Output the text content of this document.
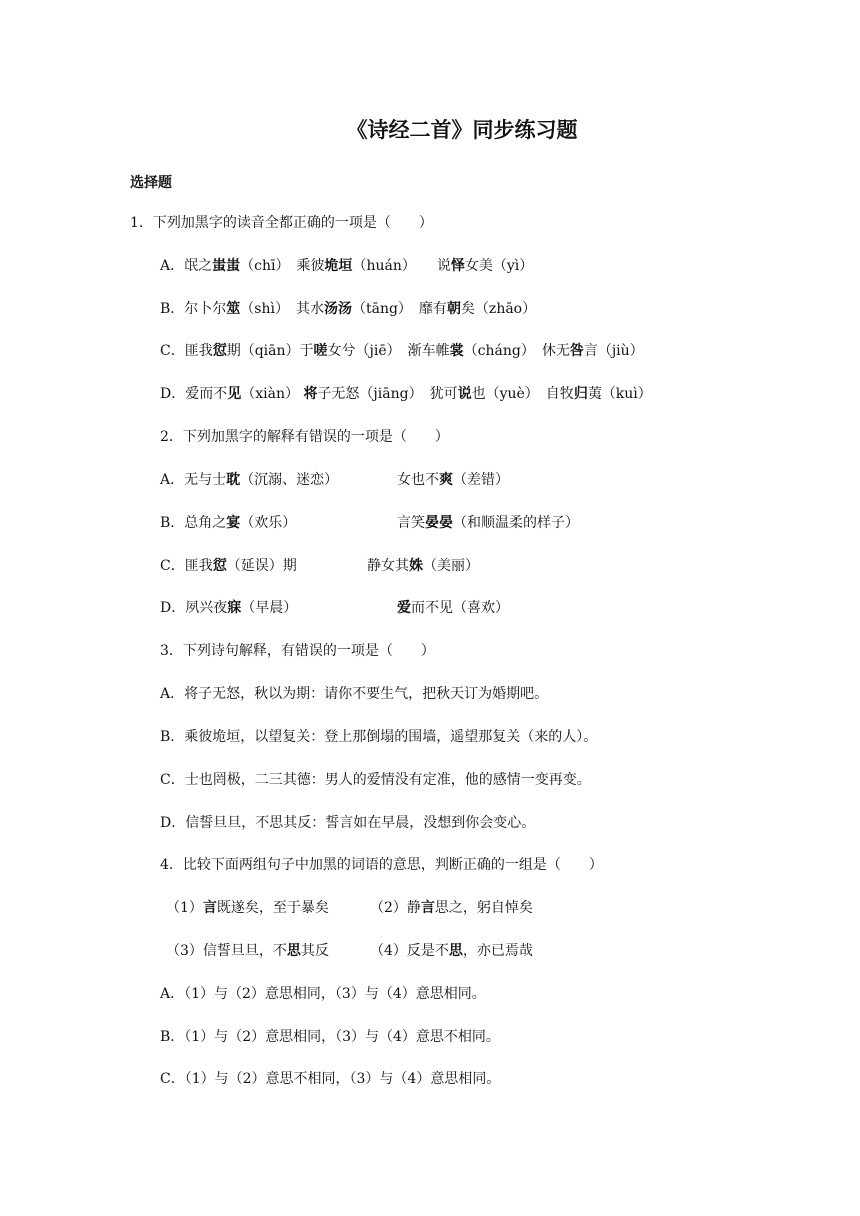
《诗经二首》同步练习题
选择题
1．下列加黑字的读音全都正确的一项是（　　）
A．氓之蚩蚩（chī）　乘彼垝垣（huán）　　说怿女美（yì）
B．尔卜尔筮（shì）　其水汤汤（tāng）　靡有朝矣（zhāo）
C．匪我愆期（qiān）于嗟女兮（jiē）　渐车帷裳（cháng）　休无咎言（jiù）
D．爱而不见（xiàn） 将子无怒（jiāng）　犹可说也（yuè）　自牧归荑（kuì）
2．下列加黑字的解释有错误的一项是（　　）
A．无与士耽（沉溺、迷恋）	女也不爽（差错）
B．总角之宴（欢乐）	言笑晏晏（和顺温柔的样子）
C．匪我愆（延误）期	静女其姝（美丽）
D．夙兴夜寐（早晨）	爱而不见（喜欢）
3．下列诗句解释，有错误的一项是（　　）
A．将子无怒，秋以为期：请你不要生气，把秋天订为婚期吧。
B．乘彼垝垣，以望复关：登上那倒塌的围墙，遥望那复关（来的人）。
C．士也罔极，二三其德：男人的爱情没有定准，他的感情一变再变。
D．信誓旦旦，不思其反：誓言如在早晨，没想到你会变心。
4．比较下面两组句子中加黑的词语的意思，判断正确的一组是（　　）
（1）言既遂矣，至于暴矣	（2）静言思之，躬自悼矣
（3）信誓旦旦，不思其反	（4）反是不思，亦已焉哉
A．（1）与（2）意思相同，（3）与（4）意思相同。
B．（1）与（2）意思相同，（3）与（4）意思不相同。
C．（1）与（2）意思不相同，（3）与（4）意思相同。
